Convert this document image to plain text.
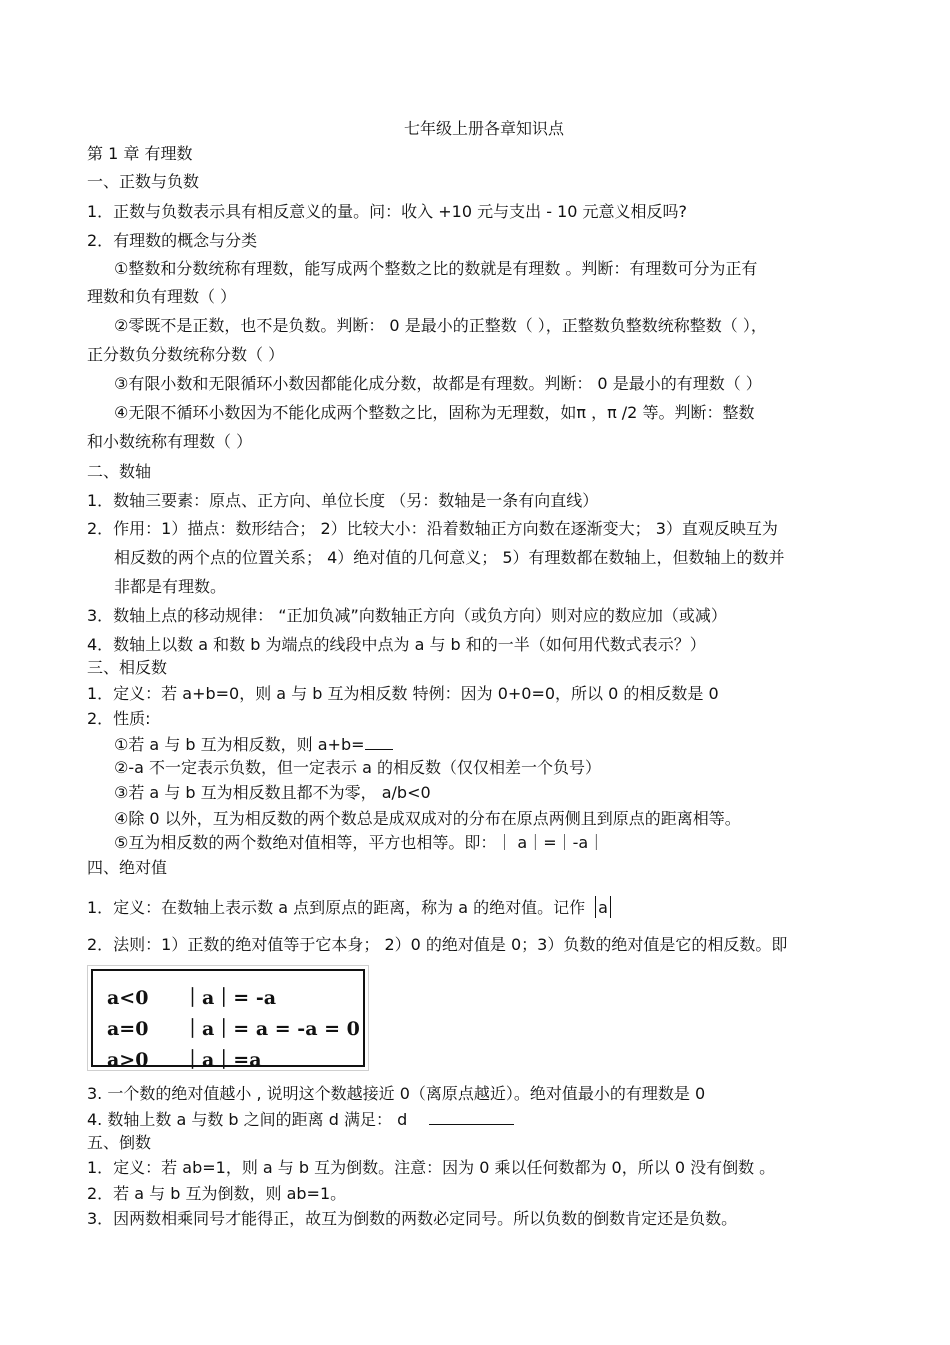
七年级上册各章知识点
第 1 章 有理数
一、正数与负数
1．正数与负数表示具有相反意义的量。问：收入 +10 元与支出 - 10 元意义相反吗?
2．有理数的概念与分类
①整数和分数统称有理数，能写成两个整数之比的数就是有理数 。判断：有理数可分为正有
理数和负有理数（ ）
②零既不是正数，也不是负数。判断： 0 是最小的正整数（ ），正整数负整数统称整数（ ），
正分数负分数统称分数（ ）
③有限小数和无限循环小数因都能化成分数，故都是有理数。判断： 0 是最小的有理数（ ）
④无限不循环小数因为不能化成两个整数之比，固称为无理数，如π ，π /2 等。判断：整数
和小数统称有理数（ ）
二、数轴
1．数轴三要素：原点、正方向、单位长度 （另：数轴是一条有向直线）
2．作用：1）描点：数形结合； 2）比较大小：沿着数轴正方向数在逐渐变大； 3）直观反映互为
相反数的两个点的位置关系； 4）绝对值的几何意义； 5）有理数都在数轴上，但数轴上的数并
非都是有理数。
3．数轴上点的移动规律： “正加负减”向数轴正方向（或负方向）则对应的数应加（或减）
4．数轴上以数 a 和数 b 为端点的线段中点为 a 与 b 和的一半（如何用代数式表示？）
三、相反数
1．定义：若 a+b=0，则 a 与 b 互为相反数 特例：因为 0+0=0，所以 0 的相反数是 0
2．性质:
①若 a 与 b 互为相反数，则 a+b=
②-a 不一定表示负数，但一定表示 a 的相反数（仅仅相差一个负号）
③若 a 与 b 互为相反数且都不为零， a/b<0
④除 0 以外，互为相反数的两个数总是成双成对的分布在原点两侧且到原点的距离相等。
⑤互为相反数的两个数绝对值相等，平方也相等。即：｜ a｜=｜-a｜
四、绝对值
1．定义：在数轴上表示数 a 点到原点的距离，称为 a 的绝对值。记作 a
2．法则：1）正数的绝对值等于它本身； 2）0 的绝对值是 0；3）负数的绝对值是它的相反数。即
a<0 ｜a｜= -a
a=0 ｜a｜= a = -a = 0
a>0 ｜a｜=a
3. 一个数的绝对值越小 , 说明这个数越接近 0（离原点越近）。绝对值最小的有理数是 0
4. 数轴上数 a 与数 b 之间的距离 d 满足： d
五、倒数
1．定义：若 ab=1，则 a 与 b 互为倒数。注意：因为 0 乘以任何数都为 0，所以 0 没有倒数 。
2．若 a 与 b 互为倒数，则 ab=1。
3．因两数相乘同号才能得正，故互为倒数的两数必定同号。所以负数的倒数肯定还是负数。
